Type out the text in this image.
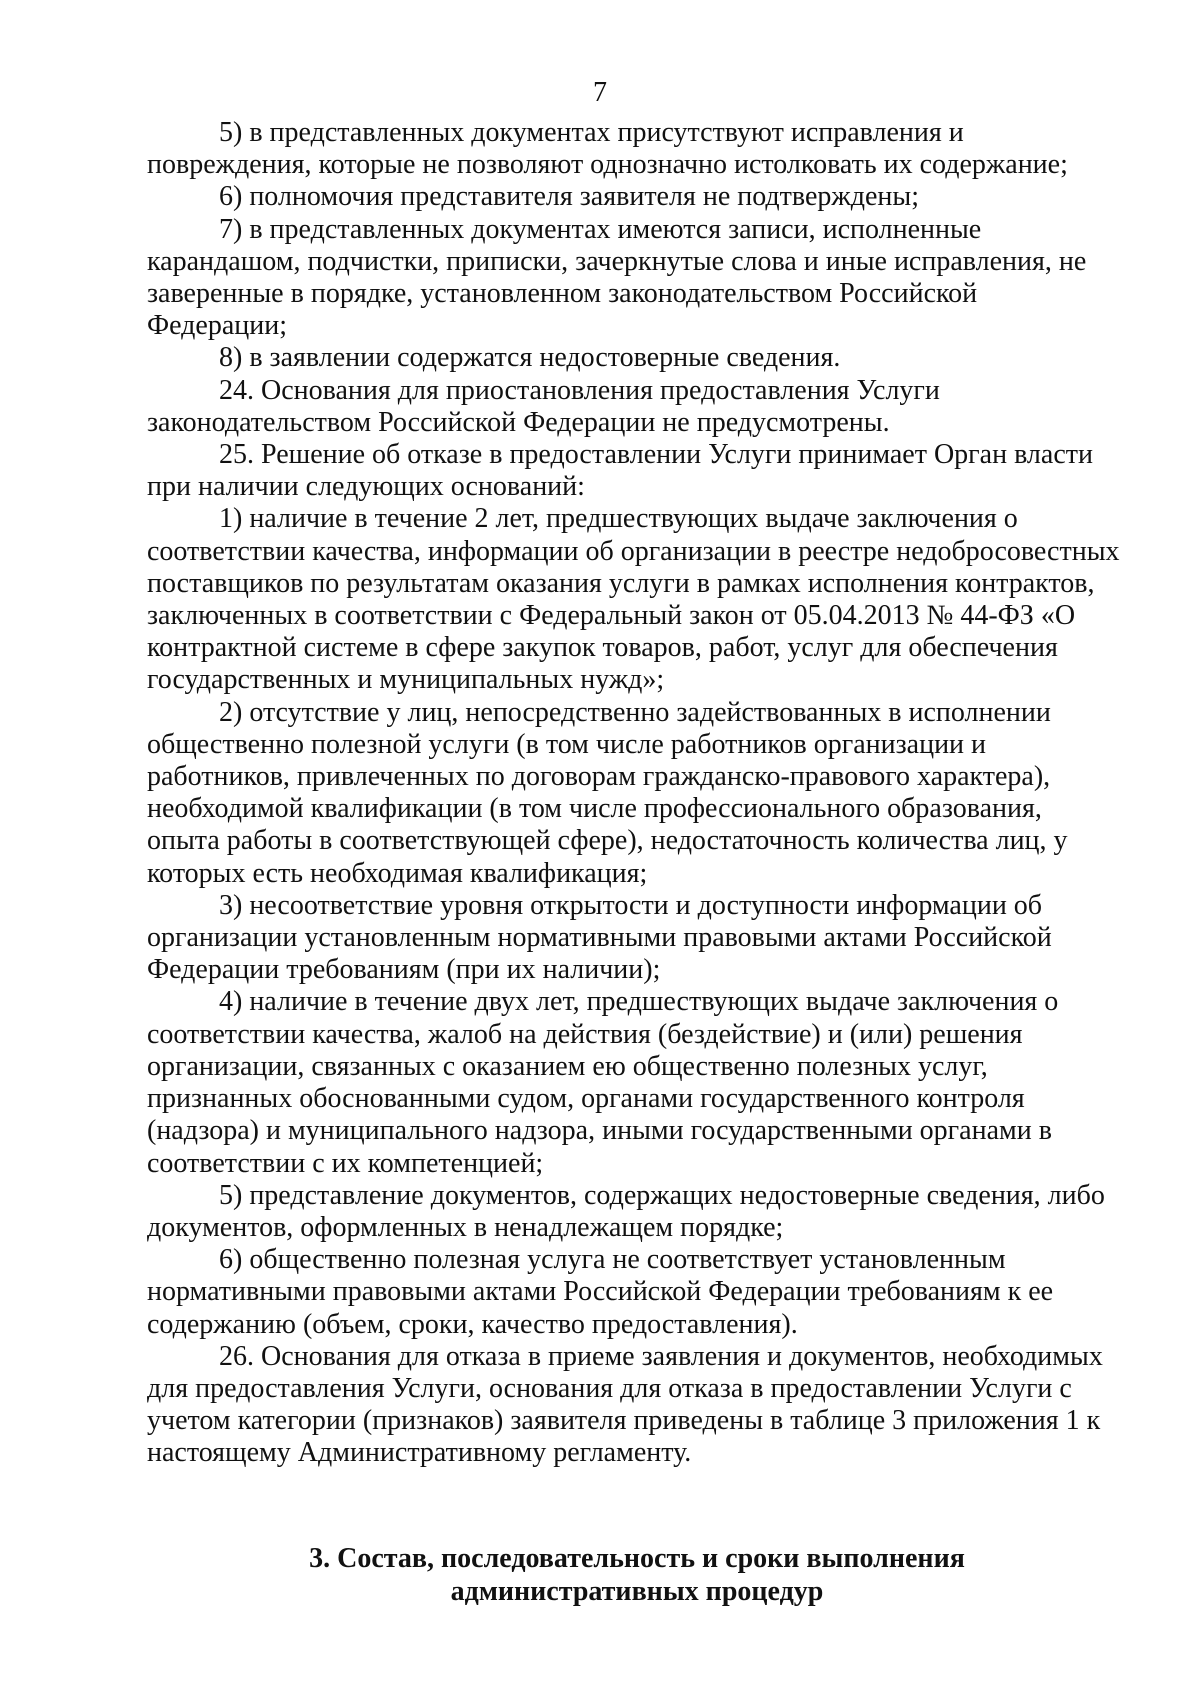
7

5) в представленных документах присутствуют исправления и
повреждения, которые не позволяют однозначно истолковать их содержание;

6) полномочия представителя заявителя не подтверждены;

7) в представленных документах имеются записи, исполненные
карандашом, подчистки, приписки, зачеркнутые слова и иные исправления, не
заверенные в порядке, установленном законодательством Российской
Федерации;

8) в заявлении содержатся недостоверные сведения.

24. Основания для приостановления предоставления Услуги
законодательством Российской Федерации не предусмотрены.

25. Решение об отказе в предоставлении Услуги принимает Орган власти
при наличии следующих оснований:

1) наличие в течение 2 лет, предшествующих выдаче заключения о
соответствии качества, информации об организации в реестре недобросовестных
поставщиков по результатам оказания услуги в рамках исполнения контрактов,
заключенных в соответствии с Федеральный закон от 05.04.2013 № 44-ФЗ «О
контрактной системе в сфере закупок товаров, работ, услуг для обеспечения
государственных и муниципальных нужд»;

2) отсутствие у лиц, непосредственно задействованных в исполнении
общественно полезной услуги (в том числе работников организации и
работников, привлеченных по договорам гражданско-правового характера),
необходимой квалификации (в том числе профессионального образования,
опыта работы в соответствующей сфере), недостаточность количества лиц, у
которых есть необходимая квалификация;

3) несоответствие уровня открытости и доступности информации об
организации установленным нормативными правовыми актами Российской
Федерации требованиям (при их наличии);

4) наличие в течение двух лет, предшествующих выдаче заключения о
соответствии качества, жалоб на действия (бездействие) и (или) решения
организации, связанных с оказанием ею общественно полезных услуг,
признанных обоснованными судом, органами государственного контроля
(надзора) и муниципального надзора, иными государственными органами в
соответствии с их компетенцией;

5) представление документов, содержащих недостоверные сведения, либо
документов, оформленных в ненадлежащем порядке;

6) общественно полезная услуга не соответствует установленным
нормативными правовыми актами Российской Федерации требованиям к ее
содержанию (объем, сроки, качество предоставления).

26. Основания для отказа в приеме заявления и документов, необходимых
для предоставления Услуги, основания для отказа в предоставлении Услуги с
учетом категории (признаков) заявителя приведены в таблице 3 приложения 1 к
настоящему Административному регламенту.

3. Состав, последовательность и сроки выполнения
административных процедур
